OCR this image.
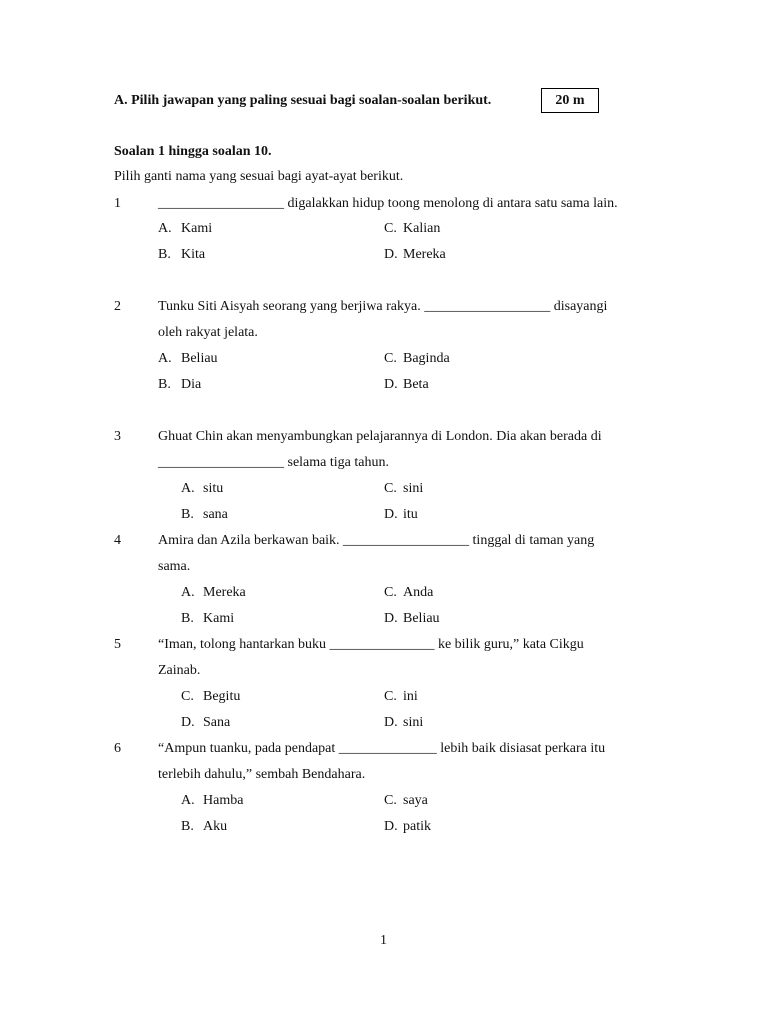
A. Pilih jawapan yang paling sesuai bagi soalan-soalan berikut.	20 m
Soalan 1 hingga soalan 10.
Pilih ganti nama yang sesuai bagi ayat-ayat berikut.
1	__________________ digalakkan hidup toong menolong di antara satu sama lain.
A. Kami	C. Kalian
B. Kita	D. Mereka
2	Tunku Siti Aisyah seorang yang berjiwa rakya. __________________ disayangi
oleh rakyat jelata.
A. Beliau	C. Baginda
B. Dia	D. Beta
3	Ghuat Chin akan menyambungkan pelajarannya di London. Dia akan berada di
__________________ selama tiga tahun.
A. situ	C. sini
B. sana	D. itu
4	Amira dan Azila berkawan baik. __________________ tinggal di taman yang
sama.
A. Mereka	C. Anda
B. Kami	D. Beliau
5	“Iman, tolong hantarkan buku _______________ ke bilik guru,” kata Cikgu
Zainab.
C. Begitu	C. ini
D. Sana	D. sini
6	“Ampun tuanku, pada pendapat ______________ lebih baik disiasat perkara itu
terlebih dahulu,” sembah Bendahara.
A. Hamba	C. saya
B. Aku	D. patik
1
